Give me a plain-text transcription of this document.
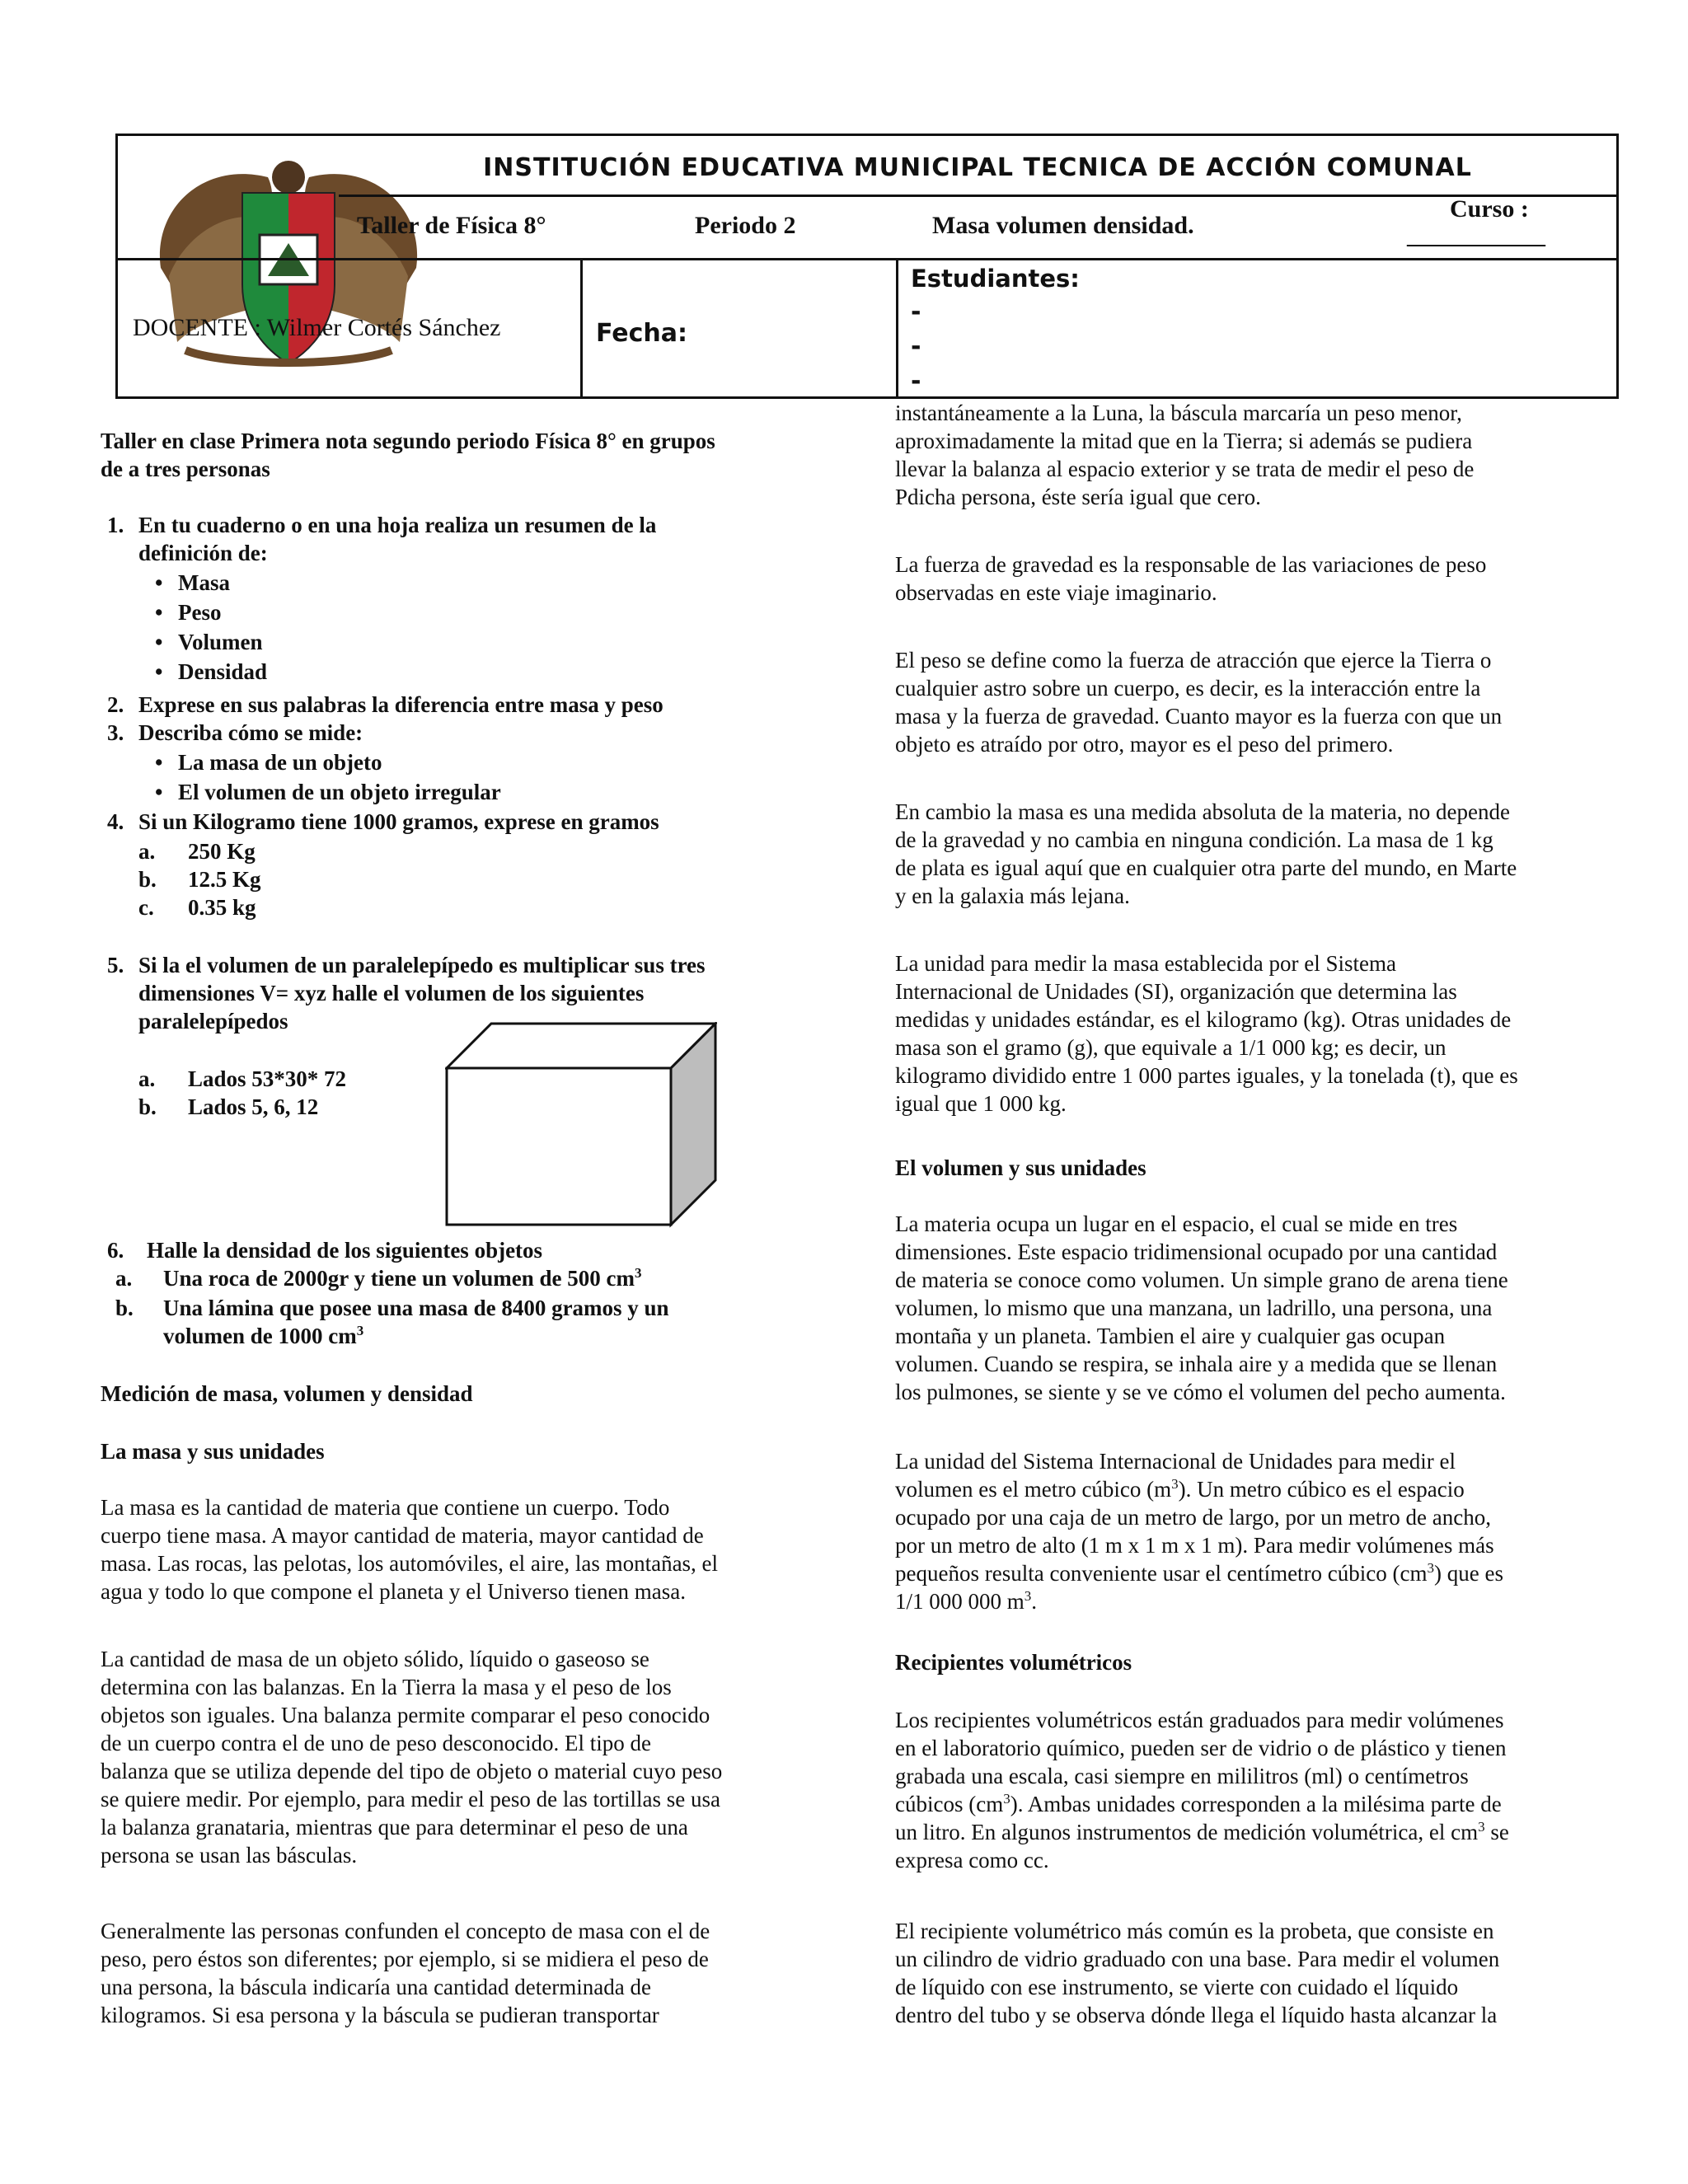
INSTITUCIÓN EDUCATIVA MUNICIPAL TECNICA DE ACCIÓN COMUNAL
Taller de Física 8°	Periodo 2	Masa volumen densidad.
Curso :
____________
DOCENTE : Wilmer Cortés Sánchez	Fecha:
Estudiantes:
-
-
-
Taller en clase Primera nota segundo periodo Física 8° en grupos
de a tres personas
1. En tu cuaderno o en una hoja realiza un resumen de la
definición de:
• Masa
• Peso
• Volumen
• Densidad
2. Exprese en sus palabras la diferencia entre masa y peso
3. Describa cómo se mide:
• La masa de un objeto
• El volumen de un objeto irregular
4. Si un Kilogramo tiene 1000 gramos, exprese en gramos
a. 250 Kg
b. 12.5 Kg
c. 0.35 kg
5. Si la el volumen de un paralelepípedo es multiplicar sus tres
dimensiones V= xyz halle el volumen de los siguientes
paralelepípedos
a. Lados 53*30* 72
b. Lados 5, 6, 12
6. Halle la densidad de los siguientes objetos
a. Una roca de 2000gr y tiene un volumen de 500 $cm^3$
b. Una lámina que posee una masa de 8400 gramos y un
volumen de 1000 $cm^3$
Medición de masa, volumen y densidad
La masa y sus unidades
La masa es la cantidad de materia que contiene un cuerpo. Todo
cuerpo tiene masa. A mayor cantidad de materia, mayor cantidad de
masa. Las rocas, las pelotas, los automóviles, el aire, las montañas, el
agua y todo lo que compone el planeta y el Universo tienen masa.
La cantidad de masa de un objeto sólido, líquido o gaseoso se
determina con las balanzas. En la Tierra la masa y el peso de los
objetos son iguales. Una balanza permite comparar el peso conocido
de un cuerpo contra el de uno de peso desconocido. El tipo de
balanza que se utiliza depende del tipo de objeto o material cuyo peso
se quiere medir. Por ejemplo, para medir el peso de las tortillas se usa
la balanza granataria, mientras que para determinar el peso de una
persona se usan las básculas.
Generalmente las personas confunden el concepto de masa con el de
peso, pero éstos son diferentes; por ejemplo, si se midiera el peso de
una persona, la báscula indicaría una cantidad determinada de
kilogramos. Si esa persona y la báscula se pudieran transportar
instantáneamente a la Luna, la báscula marcaría un peso menor,
aproximadamente la mitad que en la Tierra; si además se pudiera
llevar la balanza al espacio exterior y se trata de medir el peso de
Pdicha persona, éste sería igual que cero.
La fuerza de gravedad es la responsable de las variaciones de peso
observadas en este viaje imaginario.
El peso se define como la fuerza de atracción que ejerce la Tierra o
cualquier astro sobre un cuerpo, es decir, es la interacción entre la
masa y la fuerza de gravedad. Cuanto mayor es la fuerza con que un
objeto es atraído por otro, mayor es el peso del primero.
En cambio la masa es una medida absoluta de la materia, no depende
de la gravedad y no cambia en ninguna condición. La masa de 1 kg
de plata es igual aquí que en cualquier otra parte del mundo, en Marte
y en la galaxia más lejana.
La unidad para medir la masa establecida por el Sistema
Internacional de Unidades (SI), organización que determina las
medidas y unidades estándar, es el kilogramo (kg). Otras unidades de
masa son el gramo (g), que equivale a 1/1 000 kg; es decir, un
kilogramo dividido entre 1 000 partes iguales, y la tonelada (t), que es
igual que 1 000 kg.
El volumen y sus unidades
La materia ocupa un lugar en el espacio, el cual se mide en tres
dimensiones. Este espacio tridimensional ocupado por una cantidad
de materia se conoce como volumen. Un simple grano de arena tiene
volumen, lo mismo que una manzana, un ladrillo, una persona, una
montaña y un planeta. Tambien el aire y cualquier gas ocupan
volumen. Cuando se respira, se inhala aire y a medida que se llenan
los pulmones, se siente y se ve cómo el volumen del pecho aumenta.
La unidad del Sistema Internacional de Unidades para medir el
volumen es el metro cúbico $(m^3)$. Un metro cúbico es el espacio
ocupado por una caja de un metro de largo, por un metro de ancho,
por un metro de alto (1 m x 1 m x 1 m). Para medir volúmenes más
pequeños resulta conveniente usar el centímetro cúbico $(cm^3)$ que es
1/1 000 000 $m^3$.
Recipientes volumétricos
Los recipientes volumétricos están graduados para medir volúmenes
en el laboratorio químico, pueden ser de vidrio o de plástico y tienen
grabada una escala, casi siempre en mililitros (ml) o centímetros
cúbicos $(cm^3)$. Ambas unidades corresponden a la milésima parte de
un litro. En algunos instrumentos de medición volumétrica, el $cm^3$ se
expresa como cc.
El recipiente volumétrico más común es la probeta, que consiste en
un cilindro de vidrio graduado con una base. Para medir el volumen
de líquido con ese instrumento, se vierte con cuidado el líquido
dentro del tubo y se observa dónde llega el líquido hasta alcanzar la
